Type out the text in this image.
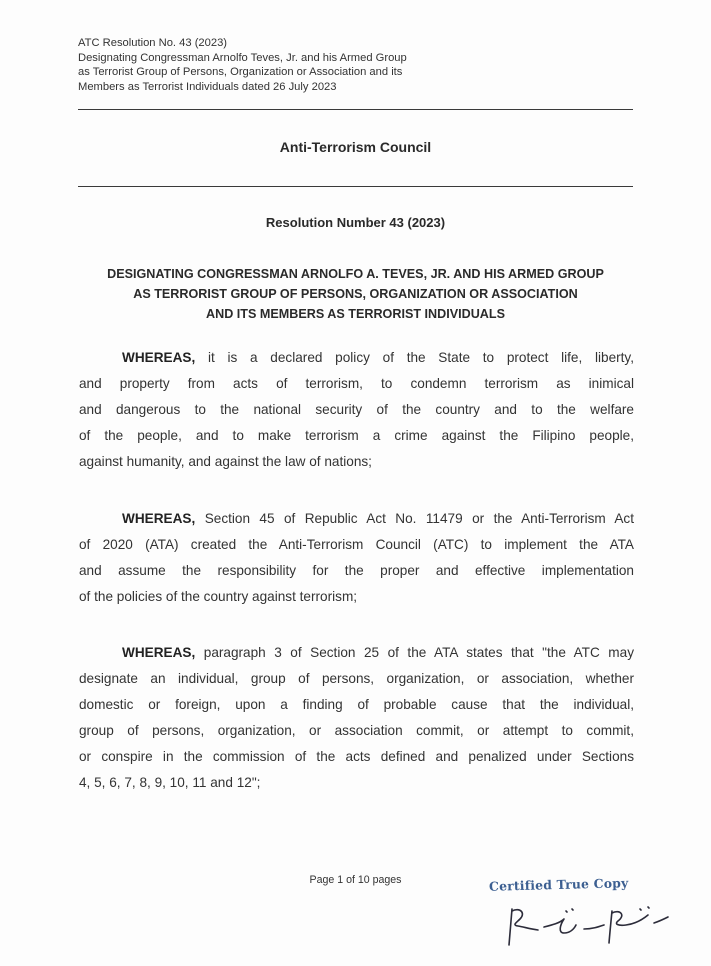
ATC Resolution No. 43 (2023)
Designating Congressman Arnolfo Teves, Jr. and his Armed Group
as Terrorist Group of Persons, Organization or Association and its
Members as Terrorist Individuals dated 26 July 2023
Anti-Terrorism Council
Resolution Number 43 (2023)
DESIGNATING CONGRESSMAN ARNOLFO A. TEVES, JR. AND HIS ARMED GROUP
AS TERRORIST GROUP OF PERSONS, ORGANIZATION OR ASSOCIATION
AND ITS MEMBERS AS TERRORIST INDIVIDUALS
WHEREAS, it is a declared policy of the State to protect life, liberty,
and property from acts of terrorism, to condemn terrorism as inimical
and dangerous to the national security of the country and to the welfare
of the people, and to make terrorism a crime against the Filipino people,
against humanity, and against the law of nations;
WHEREAS, Section 45 of Republic Act No. 11479 or the Anti-Terrorism Act
of 2020 (ATA) created the Anti-Terrorism Council (ATC) to implement the ATA
and assume the responsibility for the proper and effective implementation
of the policies of the country against terrorism;
WHEREAS, paragraph 3 of Section 25 of the ATA states that "the ATC may
designate an individual, group of persons, organization, or association, whether
domestic or foreign, upon a finding of probable cause that the individual,
group of persons, organization, or association commit, or attempt to commit,
or conspire in the commission of the acts defined and penalized under Sections
4, 5, 6, 7, 8, 9, 10, 11 and 12";
Page 1 of 10 pages	Certified True Copy
